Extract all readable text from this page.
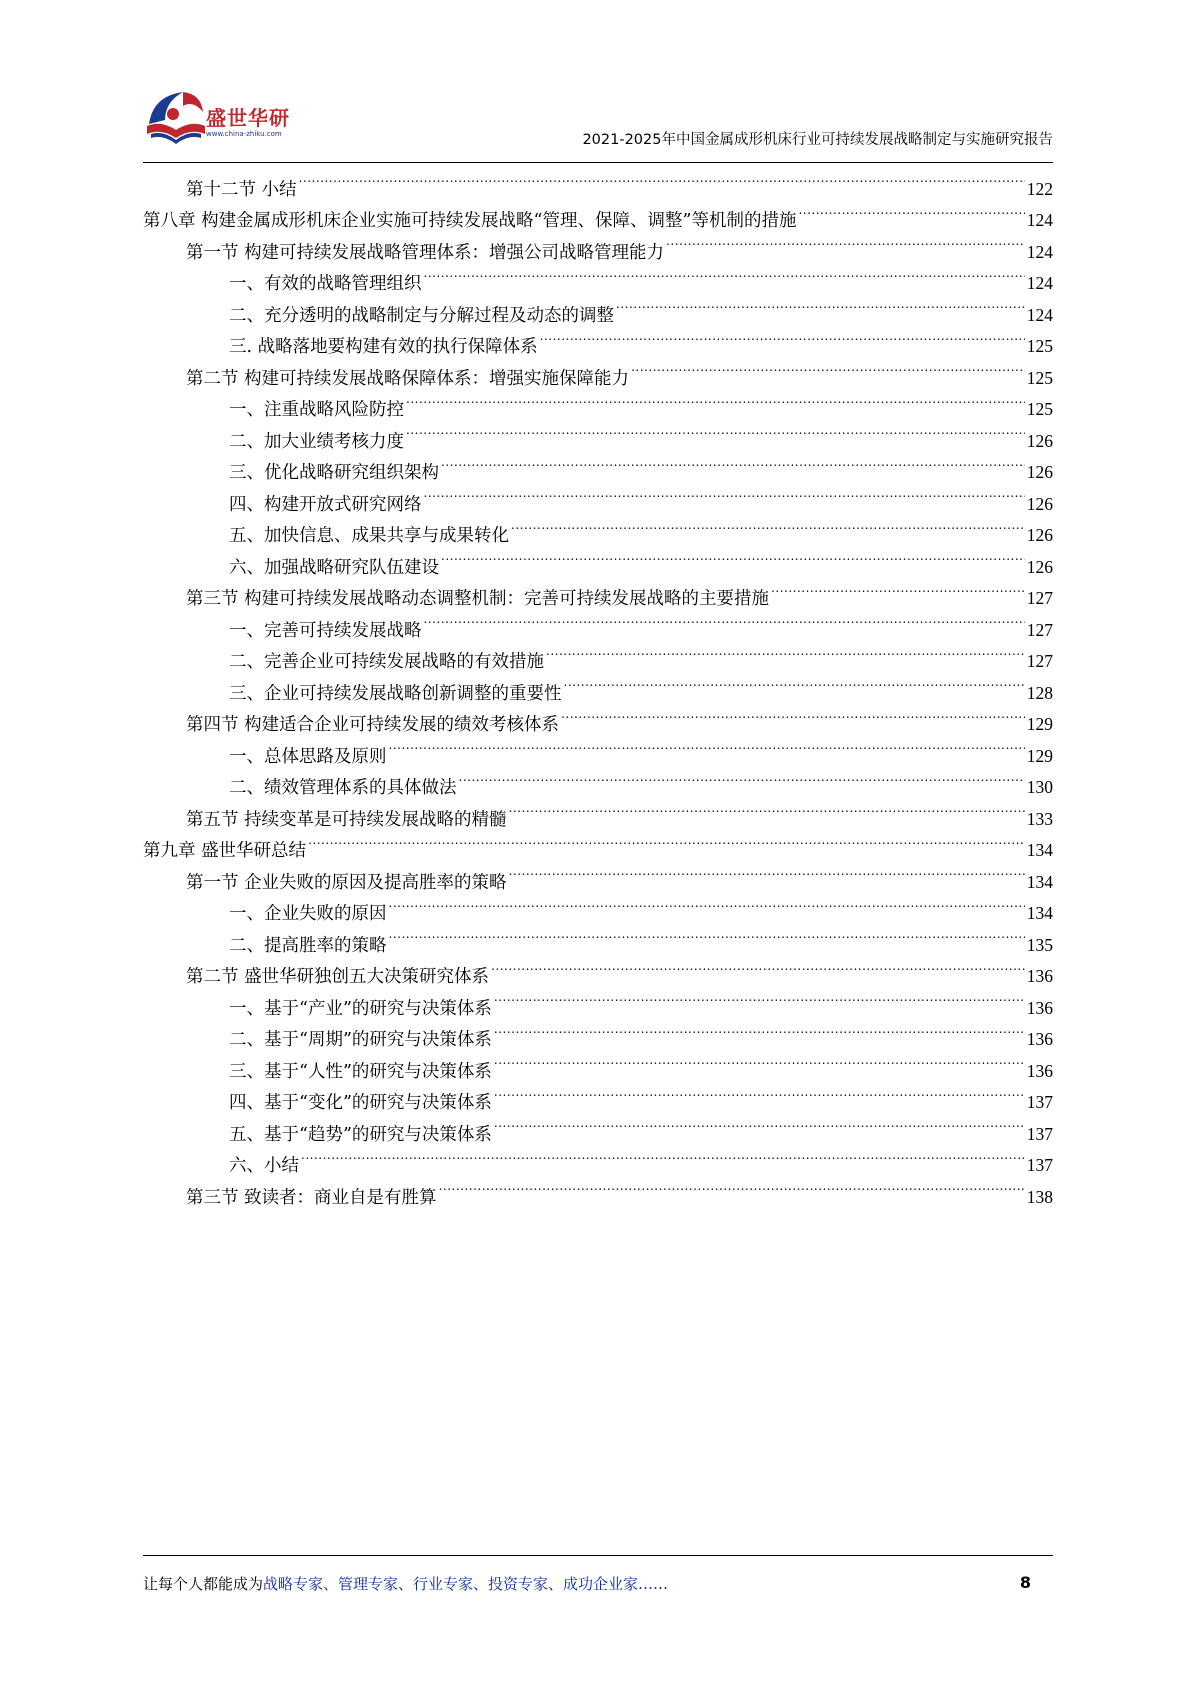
盛世华研
www.china-zhiku.com	2021-2025年中国金属成形机床行业可持续发展战略制定与实施研究报告
第十二节 小结 .....	122
第八章 构建金属成形机床企业实施可持续发展战略“管理、保障、调整”等机制的措施 .....	124
第一节 构建可持续发展战略管理体系：增强公司战略管理能力 .....	124
一、有效的战略管理组织 .....	124
二、充分透明的战略制定与分解过程及动态的调整 .....	124
三. 战略落地要构建有效的执行保障体系 .....	125
第二节 构建可持续发展战略保障体系：增强实施保障能力 .....	125
一、注重战略风险防控 .....	125
二、加大业绩考核力度 .....	126
三、优化战略研究组织架构 .....	126
四、构建开放式研究网络 .....	126
五、加快信息、成果共享与成果转化 .....	126
六、加强战略研究队伍建设 .....	126
第三节 构建可持续发展战略动态调整机制：完善可持续发展战略的主要措施 .....	127
一、完善可持续发展战略 .....	127
二、完善企业可持续发展战略的有效措施 .....	127
三、企业可持续发展战略创新调整的重要性 .....	128
第四节 构建适合企业可持续发展的绩效考核体系 .....	129
一、总体思路及原则 .....	129
二、绩效管理体系的具体做法 .....	130
第五节 持续变革是可持续发展战略的精髓 .....	133
第九章 盛世华研总结 .....	134
第一节 企业失败的原因及提高胜率的策略 .....	134
一、企业失败的原因 .....	134
二、提高胜率的策略 .....	135
第二节 盛世华研独创五大决策研究体系 .....	136
一、基于“产业”的研究与决策体系 .....	136
二、基于“周期”的研究与决策体系 .....	136
三、基于“人性”的研究与决策体系 .....	136
四、基于“变化”的研究与决策体系 .....	137
五、基于“趋势”的研究与决策体系 .....	137
六、小结 .....	137
第三节 致读者：商业自是有胜算 .....	138
让每个人都能成为战略专家、管理专家、行业专家、投资专家、成功企业家……	8
